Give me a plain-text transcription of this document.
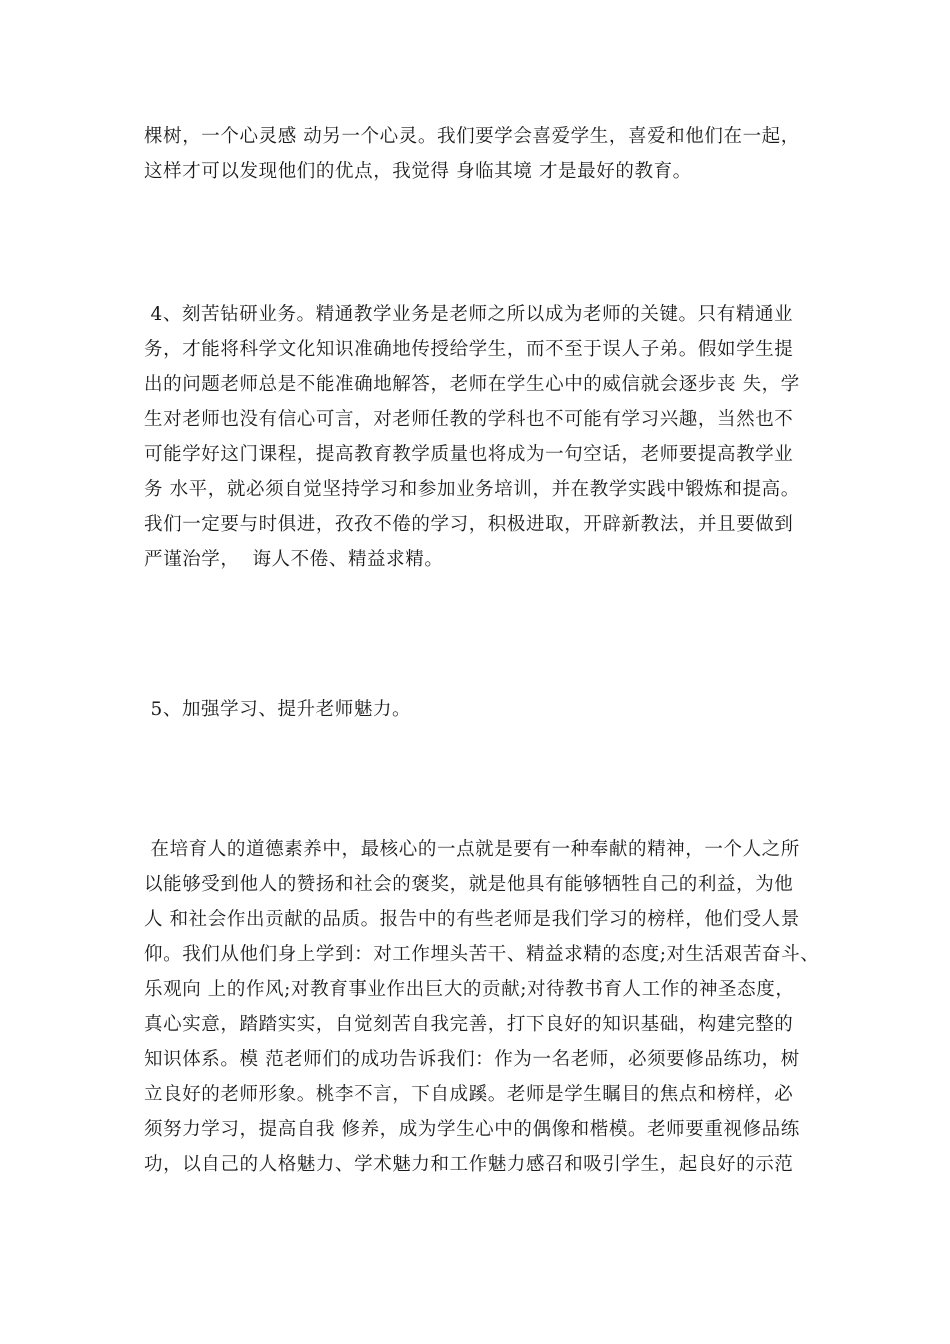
棵树，一个心灵感 动另一个心灵。我们要学会喜爱学生，喜爱和他们在一起，
这样才可以发现他们的优点，我觉得 身临其境 才是最好的教育。
4、刻苦钻研业务。精通教学业务是老师之所以成为老师的关键。只有精通业
务，才能将科学文化知识准确地传授给学生，而不至于误人子弟。假如学生提
出的问题老师总是不能准确地解答，老师在学生心中的威信就会逐步丧 失，学
生对老师也没有信心可言，对老师任教的学科也不可能有学习兴趣，当然也不
可能学好这门课程，提高教育教学质量也将成为一句空话，老师要提高教学业
务 水平，就必须自觉坚持学习和参加业务培训，并在教学实践中锻炼和提高。
我们一定要与时俱进，孜孜不倦的学习，积极进取，开辟新教法，并且要做到
严谨治学，  诲人不倦、精益求精。
5、加强学习、提升老师魅力。
在培育人的道德素养中，最核心的一点就是要有一种奉献的精神，一个人之所
以能够受到他人的赞扬和社会的褒奖，就是他具有能够牺牲自己的利益，为他
人 和社会作出贡献的品质。报告中的有些老师是我们学习的榜样，他们受人景
仰。我们从他们身上学到：对工作埋头苦干、精益求精的态度;对生活艰苦奋斗、
乐观向 上的作风;对教育事业作出巨大的贡献;对待教书育人工作的神圣态度，
真心实意，踏踏实实，自觉刻苦自我完善，打下良好的知识基础，构建完整的
知识体系。模 范老师们的成功告诉我们：作为一名老师，必须要修品练功，树
立良好的老师形象。桃李不言，下自成蹊。老师是学生瞩目的焦点和榜样，必
须努力学习，提高自我 修养，成为学生心中的偶像和楷模。老师要重视修品练
功，以自己的人格魅力、学术魅力和工作魅力感召和吸引学生，起良好的示范
